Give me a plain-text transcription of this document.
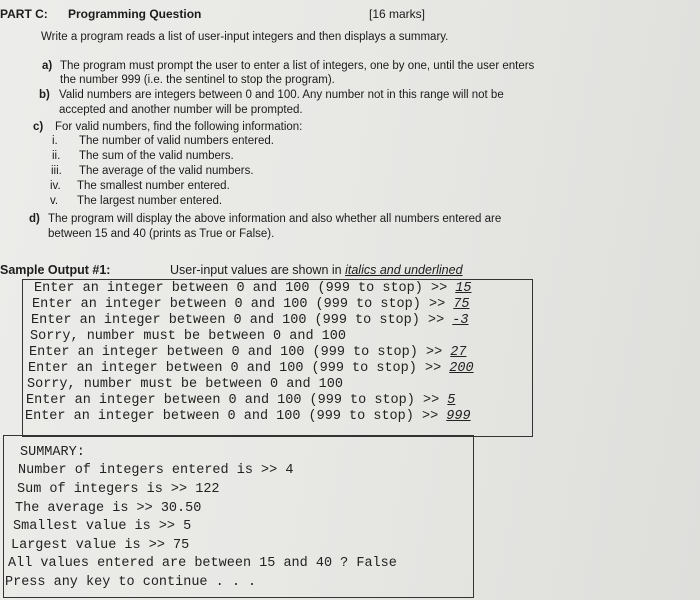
PART C: Programming Question	[16 marks]
Write a program reads a list of user-input integers and then displays a summary.
a) The program must prompt the user to enter a list of integers, one by one, until the user enters
the number 999 (i.e. the sentinel to stop the program).
b) Valid numbers are integers between 0 and 100. Any number not in this range will not be
accepted and another number will be prompted.
c) For valid numbers, find the following information:
i. The number of valid numbers entered.
ii. The sum of the valid numbers.
iii. The average of the valid numbers.
iv. The smallest number entered.
v. The largest number entered.
d) The program will display the above information and also whether all numbers entered are
between 15 and 40 (prints as True or False).
Sample Output #1:	User-input values are shown in italics and underlined
Enter an integer between 0 and 100 (999 to stop) >> 15
Enter an integer between 0 and 100 (999 to stop) >> 75
Enter an integer between 0 and 100 (999 to stop) >> -3
Sorry, number must be between 0 and 100
Enter an integer between 0 and 100 (999 to stop) >> 27
Enter an integer between 0 and 100 (999 to stop) >> 200
Sorry, number must be between 0 and 100
Enter an integer between 0 and 100 (999 to stop) >> 5
Enter an integer between 0 and 100 (999 to stop) >> 999
SUMMARY:
Number of integers entered is >> 4
Sum of integers is >> 122
The average is >> 30.50
Smallest value is >> 5
Largest value is >> 75
All values entered are between 15 and 40 ? False
Press any key to continue . . .
